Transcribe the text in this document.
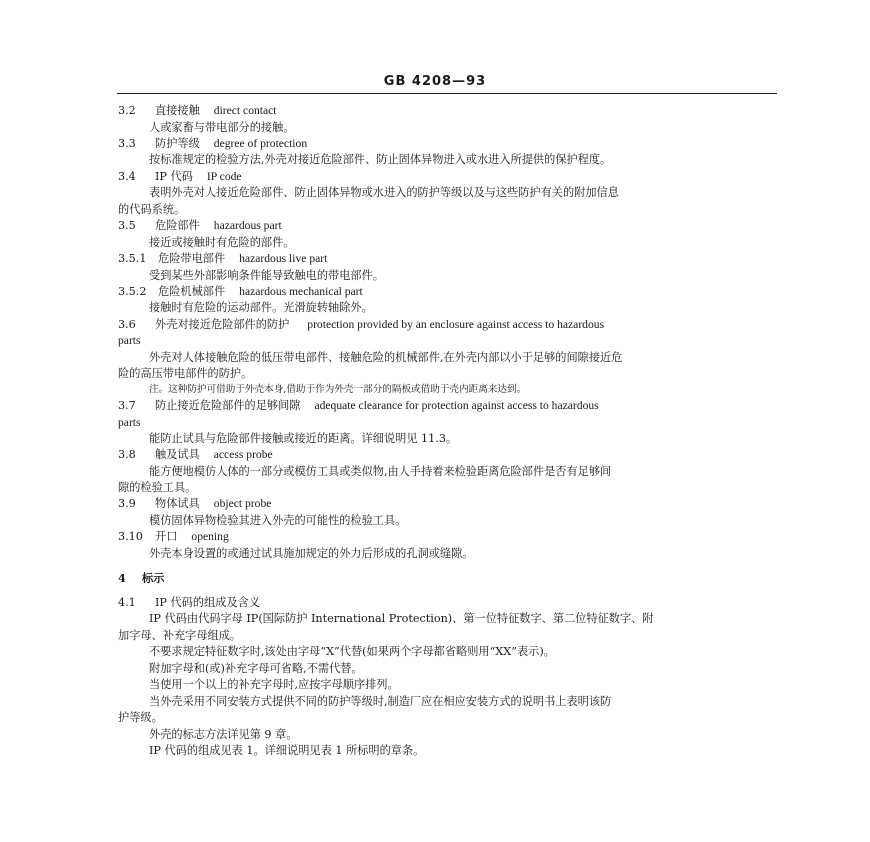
GB 4208—93
3.2 直接接触 direct contact
人或家畜与带电部分的接触。
3.3 防护等级 degree of protection
按标准规定的检验方法,外壳对接近危险部件、防止固体异物进入或水进入所提供的保护程度。
3.4 IP 代码 IP code
表明外壳对人接近危险部件、防止固体异物或水进入的防护等级以及与这些防护有关的附加信息
的代码系统。
3.5 危险部件 hazardous part
接近或接触时有危险的部件。
3.5.1 危险带电部件 hazardous live part
受到某些外部影响条件能导致触电的带电部件。
3.5.2 危险机械部件 hazardous mechanical part
接触时有危险的运动部件。光滑旋转轴除外。
3.6 外壳对接近危险部件的防护 protection provided by an enclosure against access to hazardous
parts
外壳对人体接触危险的低压带电部件、接触危险的机械部件,在外壳内部以小于足够的间隙接近危
险的高压带电部件的防护。
注。这种防护可借助于外壳本身,借助于作为外壳一部分的隔板或借助于壳内距离来达到。
3.7 防止接近危险部件的足够间隙 adequate clearance for protection against access to hazardous
parts
能防止试具与危险部件接触或接近的距离。详细说明见 11.3。
3.8 触及试具 access probe
能方便地模仿人体的一部分或模仿工具或类似物,由人手持着来检验距离危险部件是否有足够间
隙的检验工具。
3.9 物体试具 object probe
模仿固体异物检验其进入外壳的可能性的检验工具。
3.10 开口 opening
外壳本身设置的或通过试具施加规定的外力后形成的孔洞或缝隙。
4 标示
4.1 IP 代码的组成及含义
IP 代码由代码字母 IP(国际防护 International Protection)、第一位特征数字、第二位特征数字、附
加字母、补充字母组成。
不要求规定特征数字时,该处由字母“X”代替(如果两个字母都省略则用“XX”表示)。
附加字母和(或)补充字母可省略,不需代替。
当使用一个以上的补充字母时,应按字母顺序排列。
当外壳采用不同安装方式提供不同的防护等级时,制造厂应在相应安装方式的说明书上表明该防
护等级。
外壳的标志方法详见第 9 章。
IP 代码的组成见表 1。详细说明见表 1 所标明的章条。
